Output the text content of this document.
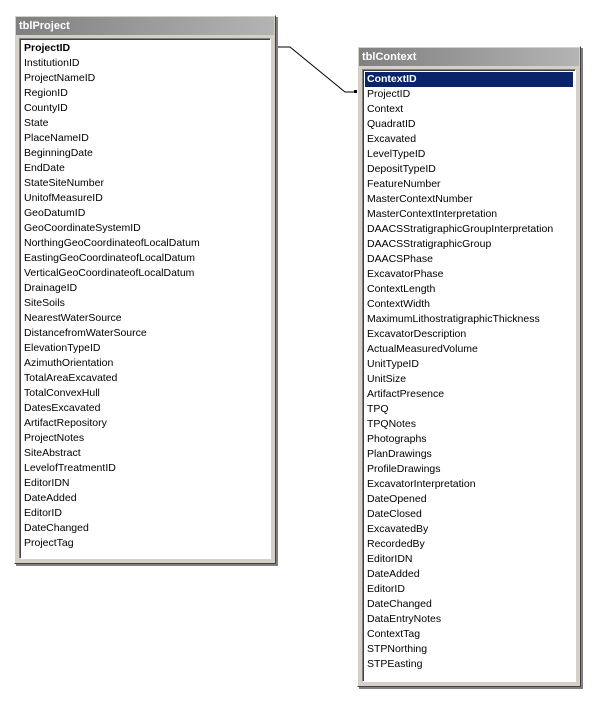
tblProject
ProjectID
InstitutionID
ProjectNameID
RegionID
CountyID
State
PlaceNameID
BeginningDate
EndDate
StateSiteNumber
UnitofMeasureID
GeoDatumID
GeoCoordinateSystemID
NorthingGeoCoordinateofLocalDatum
EastingGeoCoordinateofLocalDatum
VerticalGeoCoordinateofLocalDatum
DrainageID
SiteSoils
NearestWaterSource
DistancefromWaterSource
ElevationTypeID
AzimuthOrientation
TotalAreaExcavated
TotalConvexHull
DatesExcavated
ArtifactRepository
ProjectNotes
SiteAbstract
LevelofTreatmentID
EditorIDN
DateAdded
EditorID
DateChanged
ProjectTag
tblContext
ContextID
ProjectID
Context
QuadratID
Excavated
LevelTypeID
DepositTypeID
FeatureNumber
MasterContextNumber
MasterContextInterpretation
DAACSStratigraphicGroupInterpretation
DAACSStratigraphicGroup
DAACSPhase
ExcavatorPhase
ContextLength
ContextWidth
MaximumLithostratigraphicThickness
ExcavatorDescription
ActualMeasuredVolume
UnitTypeID
UnitSize
ArtifactPresence
TPQ
TPQNotes
Photographs
PlanDrawings
ProfileDrawings
ExcavatorInterpretation
DateOpened
DateClosed
ExcavatedBy
RecordedBy
EditorIDN
DateAdded
EditorID
DateChanged
DataEntryNotes
ContextTag
STPNorthing
STPEasting
